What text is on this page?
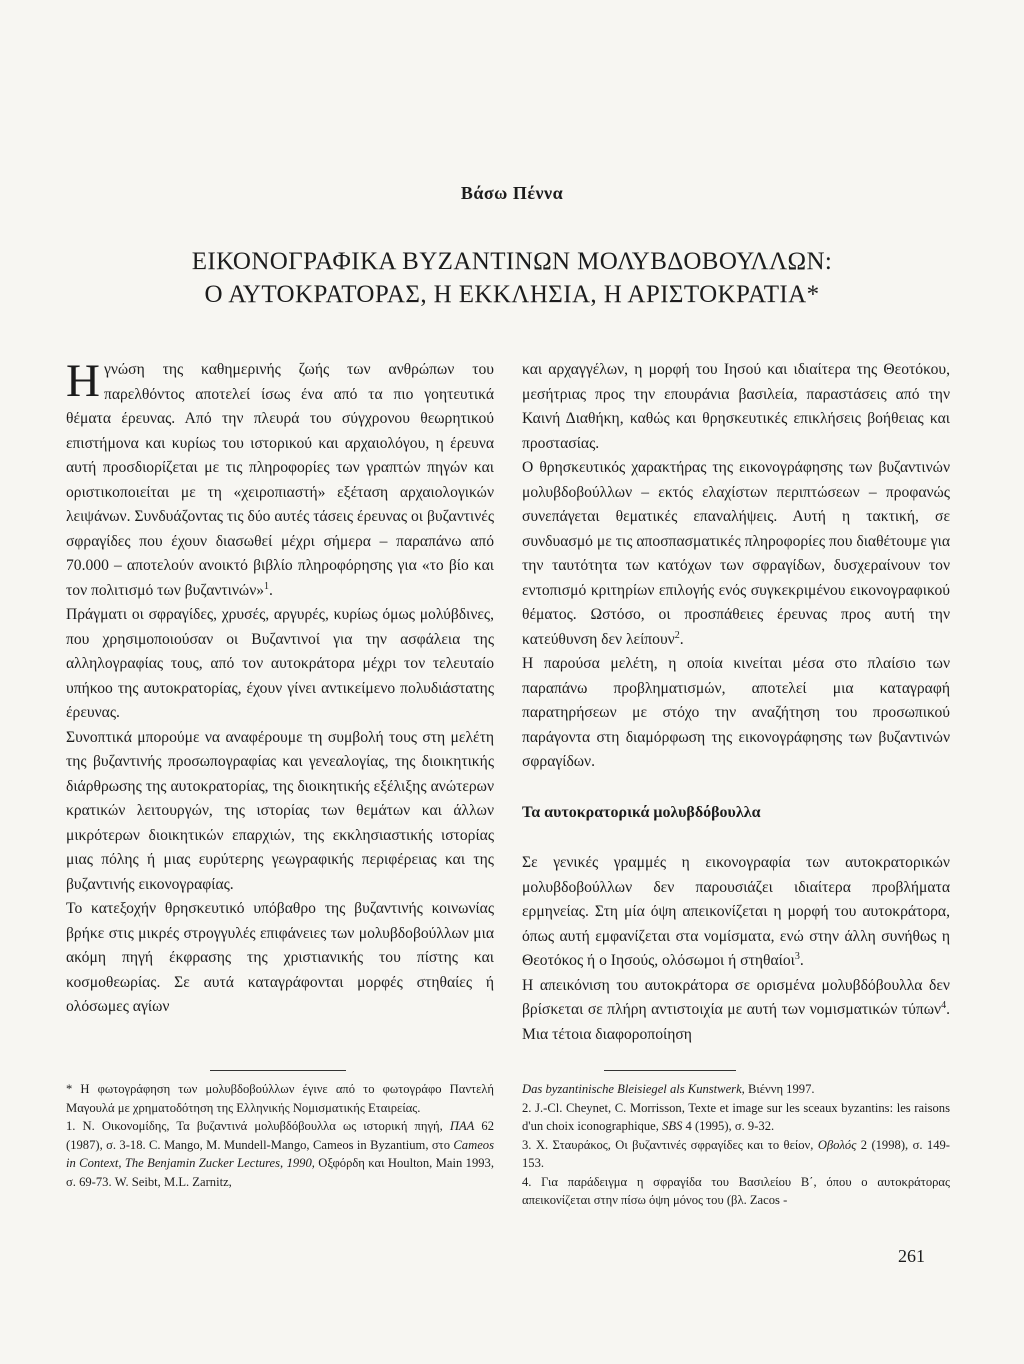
Βάσω Πέννα
ΕΙΚΟΝΟΓΡΑΦΙΚΑ ΒΥΖΑΝΤΙΝΩΝ ΜΟΛΥΒΔΟΒΟΥΛΛΩΝ:
Ο ΑΥΤΟΚΡΑΤΟΡΑΣ, Η ΕΚΚΛΗΣΙΑ, Η ΑΡΙΣΤΟΚΡΑΤΙΑ*

Ηγνώση της καθημερινής ζωής των ανθρώπων του παρελθόντος αποτελεί ίσως ένα από τα πιο γοητευτικά θέματα έρευνας. Από την πλευρά του σύγχρονου θεωρητικού επιστήμονα και κυρίως του ιστορικού και αρχαιολόγου, η έρευνα αυτή προσδιορίζεται με τις πληροφορίες των γραπτών πηγών και οριστικοποιείται με τη «χειροπιαστή» εξέταση αρχαιολογικών λειψάνων. Συνδυάζοντας τις δύο αυτές τάσεις έρευνας οι βυζαντινές σφραγίδες που έχουν διασωθεί μέχρι σήμερα – παραπάνω από 70.000 – αποτελούν ανοικτό βιβλίο πληροφόρησης για «το βίο και τον πολιτισμό των βυζαντινών»$^1$.

Πράγματι οι σφραγίδες, χρυσές, αργυρές, κυρίως όμως μολύβδινες, που χρησιμοποιούσαν οι Βυζαντινοί για την ασφάλεια της αλληλογραφίας τους, από τον αυτοκράτορα μέχρι τον τελευταίο υπήκοο της αυτοκρατορίας, έχουν γίνει αντικείμενο πολυδιάστατης έρευνας.

Συνοπτικά μπορούμε να αναφέρουμε τη συμβολή τους στη μελέτη της βυζαντινής προσωπογραφίας και γενεαλογίας, της διοικητικής διάρθρωσης της αυτοκρατορίας, της διοικητικής εξέλιξης ανώτερων κρατικών λειτουργών, της ιστορίας των θεμάτων και άλλων μικρότερων διοικητικών επαρχιών, της εκκλησιαστικής ιστορίας μιας πόλης ή μιας ευρύτερης γεωγραφικής περιφέρειας και της βυζαντινής εικονογραφίας.

Το κατεξοχήν θρησκευτικό υπόβαθρο της βυζαντινής κοινωνίας βρήκε στις μικρές στρογγυλές επιφάνειες των μολυβδοβούλλων μια ακόμη πηγή έκφρασης της χριστιανικής του πίστης και κοσμοθεωρίας. Σε αυτά καταγράφονται μορφές στηθαίες ή ολόσωμες αγίων

και αρχαγγέλων, η μορφή του Ιησού και ιδιαίτερα της Θεοτόκου, μεσήτριας προς την επουράνια βασιλεία, παραστάσεις από την Καινή Διαθήκη, καθώς και θρησκευτικές επικλήσεις βοήθειας και προστασίας.

Ο θρησκευτικός χαρακτήρας της εικονογράφησης των βυζαντινών μολυβδοβούλλων – εκτός ελαχίστων περιπτώσεων – προφανώς συνεπάγεται θεματικές επαναλήψεις. Αυτή η τακτική, σε συνδυασμό με τις αποσπασματικές πληροφορίες που διαθέτουμε για την ταυτότητα των κατόχων των σφραγίδων, δυσχεραίνουν τον εντοπισμό κριτηρίων επιλογής ενός συγκεκριμένου εικονογραφικού θέματος. Ωστόσο, οι προσπάθειες έρευνας προς αυτή την κατεύθυνση δεν λείπουν$^2$.

Η παρούσα μελέτη, η οποία κινείται μέσα στο πλαίσιο των παραπάνω προβληματισμών, αποτελεί μια καταγραφή παρατηρήσεων με στόχο την αναζήτηση του προσωπικού παράγοντα στη διαμόρφωση της εικονογράφησης των βυζαντινών σφραγίδων.

Τα αυτοκρατορικά μολυβδόβουλλα

Σε γενικές γραμμές η εικονογραφία των αυτοκρατορικών μολυβδοβούλλων δεν παρουσιάζει ιδιαίτερα προβλήματα ερμηνείας. Στη μία όψη απεικονίζεται η μορφή του αυτοκράτορα, όπως αυτή εμφανίζεται στα νομίσματα, ενώ στην άλλη συνήθως η Θεοτόκος ή ο Ιησούς, ολόσωμοι ή στηθαίοι$^3$.

Η απεικόνιση του αυτοκράτορα σε ορισμένα μολυβδόβουλλα δεν βρίσκεται σε πλήρη αντιστοιχία με αυτή των νομισματικών τύπων$^4$. Μια τέτοια διαφοροποίηση

* Η φωτογράφηση των μολυβδοβούλλων έγινε από το φωτογράφο Παντελή Μαγουλά με χρηματοδότηση της Ελληνικής Νομισματικής Εταιρείας.
1. Ν. Οικονομίδης, Τα βυζαντινά μολυβδόβουλλα ως ιστορική πηγή, ΠΑΑ 62 (1987), σ. 3-18. C. Mango, M. Mundell-Mango, Cameos in Byzantium, στο Cameos in Context, The Benjamin Zucker Lectures, 1990, Οξφόρδη και Houlton, Main 1993, σ. 69-73. W. Seibt, M.L. Zarnitz,
Das byzantinische Bleisiegel als Kunstwerk, Βιέννη 1997.
2. J.-Cl. Cheynet, C. Morrisson, Texte et image sur les sceaux byzantins: les raisons d'un choix iconographique, SBS 4 (1995), σ. 9-32.
3. Χ. Σταυράκος, Οι βυζαντινές σφραγίδες και το θείον, Οβολός 2 (1998), σ. 149-153.
4. Για παράδειγμα η σφραγίδα του Βασιλείου Β΄, όπου ο αυτοκράτορας απεικονίζεται στην πίσω όψη μόνος του (βλ. Zacos -
261
